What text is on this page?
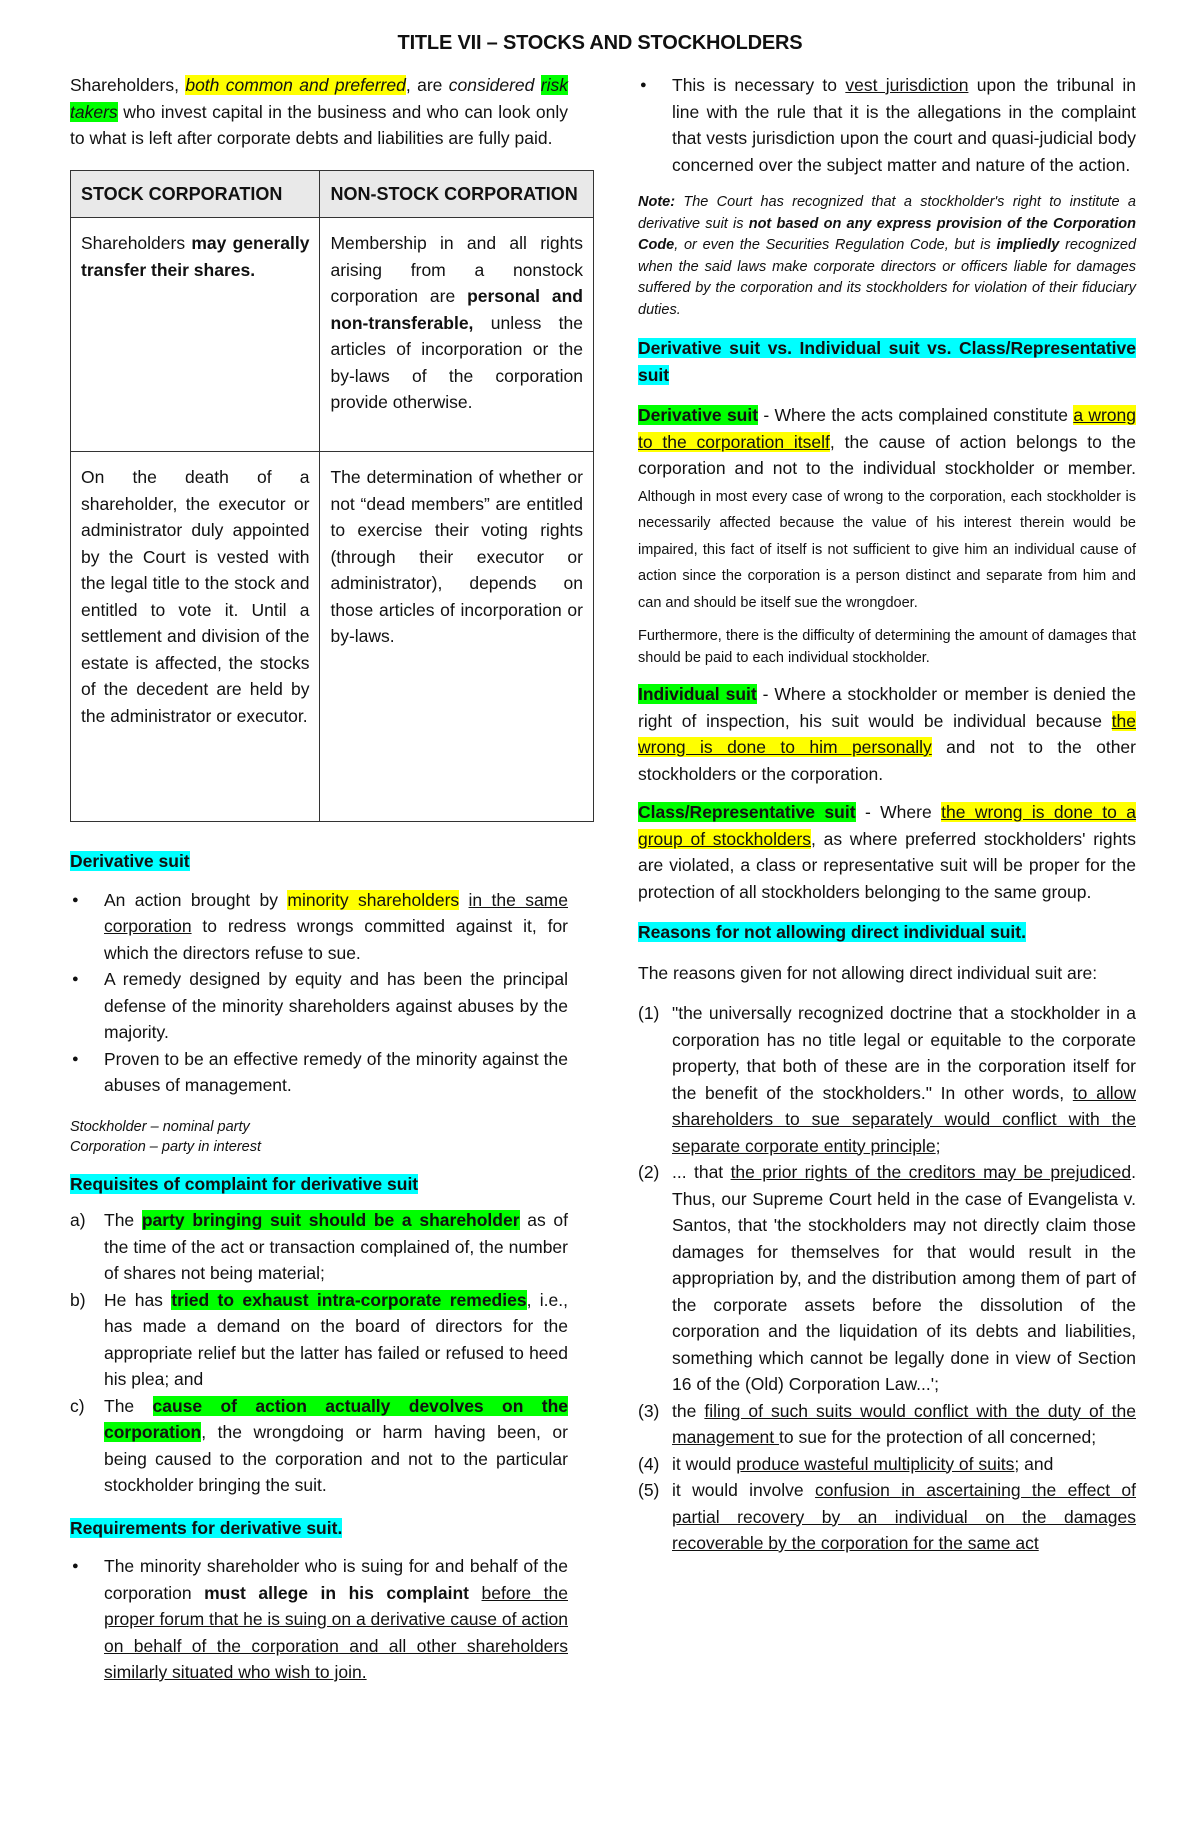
TITLE VII – STOCKS AND STOCKHOLDERS

Shareholders, both common and preferred, are considered risk takers who invest capital in the business and who can look only to what is left after corporate debts and liabilities are fully paid.

STOCK CORPORATION	NON-STOCK CORPORATION
Shareholders may generally transfer their shares.	Membership in and all rights arising from a nonstock corporation are personal and non-transferable, unless the articles of incorporation or the by-laws of the corporation provide otherwise.
On the death of a shareholder, the executor or administrator duly appointed by the Court is vested with the legal title to the stock and entitled to vote it. Until a settlement and division of the estate is affected, the stocks of the decedent are held by the administrator or executor.	The determination of whether or not “dead members” are entitled to exercise their voting rights (through their executor or administrator), depends on those articles of incorporation or by-laws.

Derivative suit

● An action brought by minority shareholders in the same corporation to redress wrongs committed against it, for which the directors refuse to sue.
● A remedy designed by equity and has been the principal defense of the minority shareholders against abuses by the majority.
● Proven to be an effective remedy of the minority against the abuses of management.

Stockholder – nominal party
Corporation – party in interest

Requisites of complaint for derivative suit

a) The party bringing suit should be a shareholder as of the time of the act or transaction complained of, the number of shares not being material;
b) He has tried to exhaust intra-corporate remedies, i.e., has made a demand on the board of directors for the appropriate relief but the latter has failed or refused to heed his plea; and
c) The cause of action actually devolves on the corporation, the wrongdoing or harm having been, or being caused to the corporation and not to the particular stockholder bringing the suit.

Requirements for derivative suit.

● The minority shareholder who is suing for and behalf of the corporation must allege in his complaint before the proper forum that he is suing on a derivative cause of action on behalf of the corporation and all other shareholders similarly situated who wish to join.
● This is necessary to vest jurisdiction upon the tribunal in line with the rule that it is the allegations in the complaint that vests jurisdiction upon the court and quasi-judicial body concerned over the subject matter and nature of the action.

Note: The Court has recognized that a stockholder's right to institute a derivative suit is not based on any express provision of the Corporation Code, or even the Securities Regulation Code, but is impliedly recognized when the said laws make corporate directors or officers liable for damages suffered by the corporation and its stockholders for violation of their fiduciary duties.

Derivative suit vs. Individual suit vs. Class/Representative suit

Derivative suit - Where the acts complained constitute a wrong to the corporation itself, the cause of action belongs to the corporation and not to the individual stockholder or member. Although in most every case of wrong to the corporation, each stockholder is necessarily affected because the value of his interest therein would be impaired, this fact of itself is not sufficient to give him an individual cause of action since the corporation is a person distinct and separate from him and can and should be itself sue the wrongdoer.

Furthermore, there is the difficulty of determining the amount of damages that should be paid to each individual stockholder.

Individual suit - Where a stockholder or member is denied the right of inspection, his suit would be individual because the wrong is done to him personally and not to the other stockholders or the corporation.

Class/Representative suit - Where the wrong is done to a group of stockholders, as where preferred stockholders' rights are violated, a class or representative suit will be proper for the protection of all stockholders belonging to the same group.

Reasons for not allowing direct individual suit.

The reasons given for not allowing direct individual suit are:

(1) "the universally recognized doctrine that a stockholder in a corporation has no title legal or equitable to the corporate property, that both of these are in the corporation itself for the benefit of the stockholders." In other words, to allow shareholders to sue separately would conflict with the separate corporate entity principle;
(2) ... that the prior rights of the creditors may be prejudiced. Thus, our Supreme Court held in the case of Evangelista v. Santos, that 'the stockholders may not directly claim those damages for themselves for that would result in the appropriation by, and the distribution among them of part of the corporate assets before the dissolution of the corporation and the liquidation of its debts and liabilities, something which cannot be legally done in view of Section 16 of the (Old) Corporation Law...';
(3) the filing of such suits would conflict with the duty of the management to sue for the protection of all concerned;
(4) it would produce wasteful multiplicity of suits; and
(5) it would involve confusion in ascertaining the effect of partial recovery by an individual on the damages recoverable by the corporation for the same act
